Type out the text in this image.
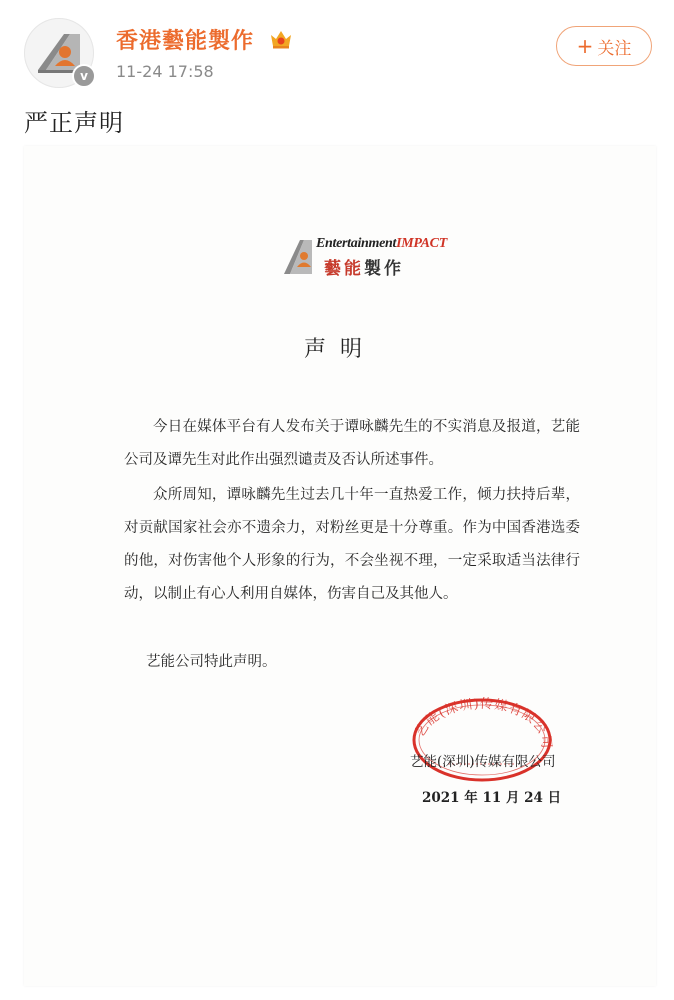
v
香港藝能製作
11-24 17:58
+ 关注
严正声明
EntertainmentIMPACT
藝能製作
声明

今日在媒体平台有人发布关于谭咏麟先生的不实消息及报道，艺能公司及谭先生对此作出强烈谴责及否认所述事件。

众所周知，谭咏麟先生过去几十年一直热爱工作，倾力扶持后辈，对贡献国家社会亦不遗余力，对粉丝更是十分尊重。作为中国香港选委的他，对伤害他个人形象的行为，不会坐视不理，一定采取适当法律行动，以制止有心人利用自媒体，伤害自己及其他人。

艺能公司特此声明。

艺能(深圳)传媒有限公司
艺能(深圳)传媒有限公司
2021 年 11 月 24 日
